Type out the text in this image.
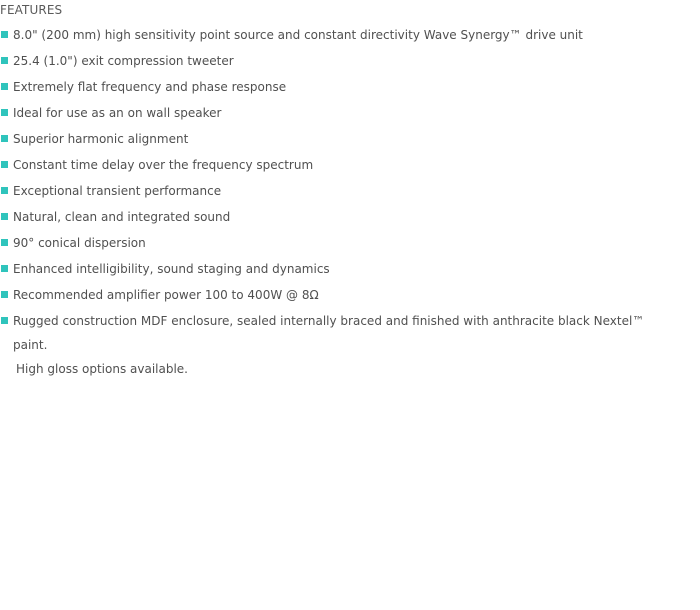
FEATURES
8.0" (200 mm) high sensitivity point source and constant directivity Wave Synergy™ drive unit
25.4 (1.0") exit compression tweeter
Extremely flat frequency and phase response
Ideal for use as an on wall speaker
Superior harmonic alignment
Constant time delay over the frequency spectrum
Exceptional transient performance
Natural, clean and integrated sound
90° conical dispersion
Enhanced intelligibility, sound staging and dynamics
Recommended amplifier power 100 to 400W @ 8Ω
Rugged construction MDF enclosure, sealed internally braced and finished with anthracite black Nextel™ paint.
High gloss options available.
